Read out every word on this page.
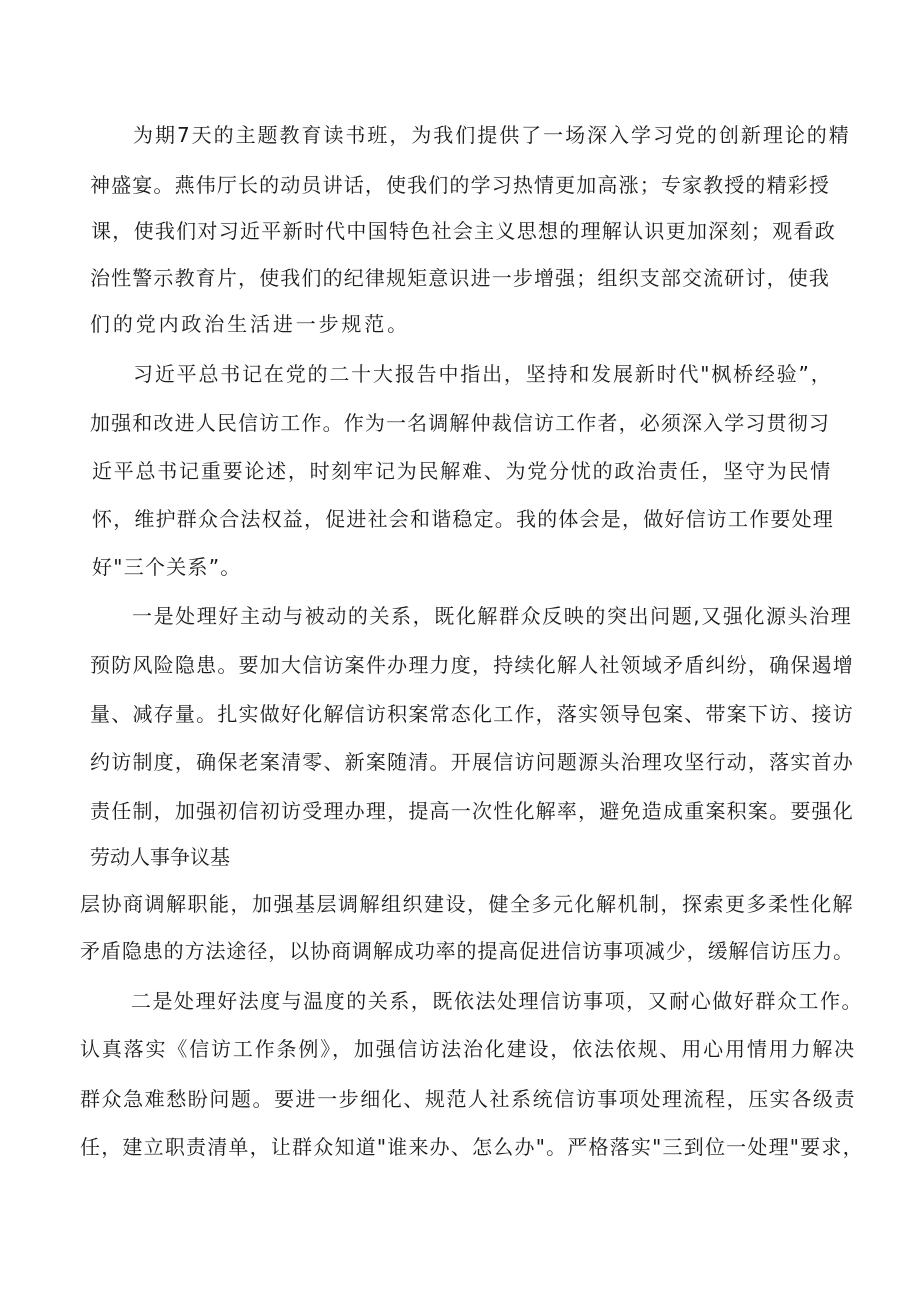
为期7天的主题教育读书班，为我们提供了一场深入学习党的创新理论的精

神盛宴。燕伟厅长的动员讲话，使我们的学习热情更加高涨；专家教授的精彩授

课，使我们对习近平新时代中国特色社会主义思想的理解认识更加深刻；观看政

治性警示教育片，使我们的纪律规矩意识进一步增强；组织支部交流研讨，使我

们的党内政治生活进一步规范。

习近平总书记在党的二十大报告中指出，坚持和发展新时代"枫桥经验”，

加强和改进人民信访工作。作为一名调解仲裁信访工作者，必须深入学习贯彻习

近平总书记重要论述，时刻牢记为民解难、为党分忧的政治责任，坚守为民情

怀，维护群众合法权益，促进社会和谐稳定。我的体会是，做好信访工作要处理

好"三个关系”。

一是处理好主动与被动的关系，既化解群众反映的突出问题,又强化源头治理

预防风险隐患。要加大信访案件办理力度，持续化解人社领域矛盾纠纷，确保遏增

量、减存量。扎实做好化解信访积案常态化工作，落实领导包案、带案下访、接访

约访制度，确保老案清零、新案随清。开展信访问题源头治理攻坚行动，落实首办

责任制，加强初信初访受理办理，提高一次性化解率，避免造成重案积案。要强化

劳动人事争议基

层协商调解职能，加强基层调解组织建设，健全多元化解机制，探索更多柔性化解

矛盾隐患的方法途径，以协商调解成功率的提高促进信访事项减少，缓解信访压力。

二是处理好法度与温度的关系，既依法处理信访事项，又耐心做好群众工作。

认真落实《信访工作条例》，加强信访法治化建设，依法依规、用心用情用力解决

群众急难愁盼问题。要进一步细化、规范人社系统信访事项处理流程，压实各级责

任，建立职责清单，让群众知道"谁来办、怎么办"。严格落实"三到位一处理"要求，
